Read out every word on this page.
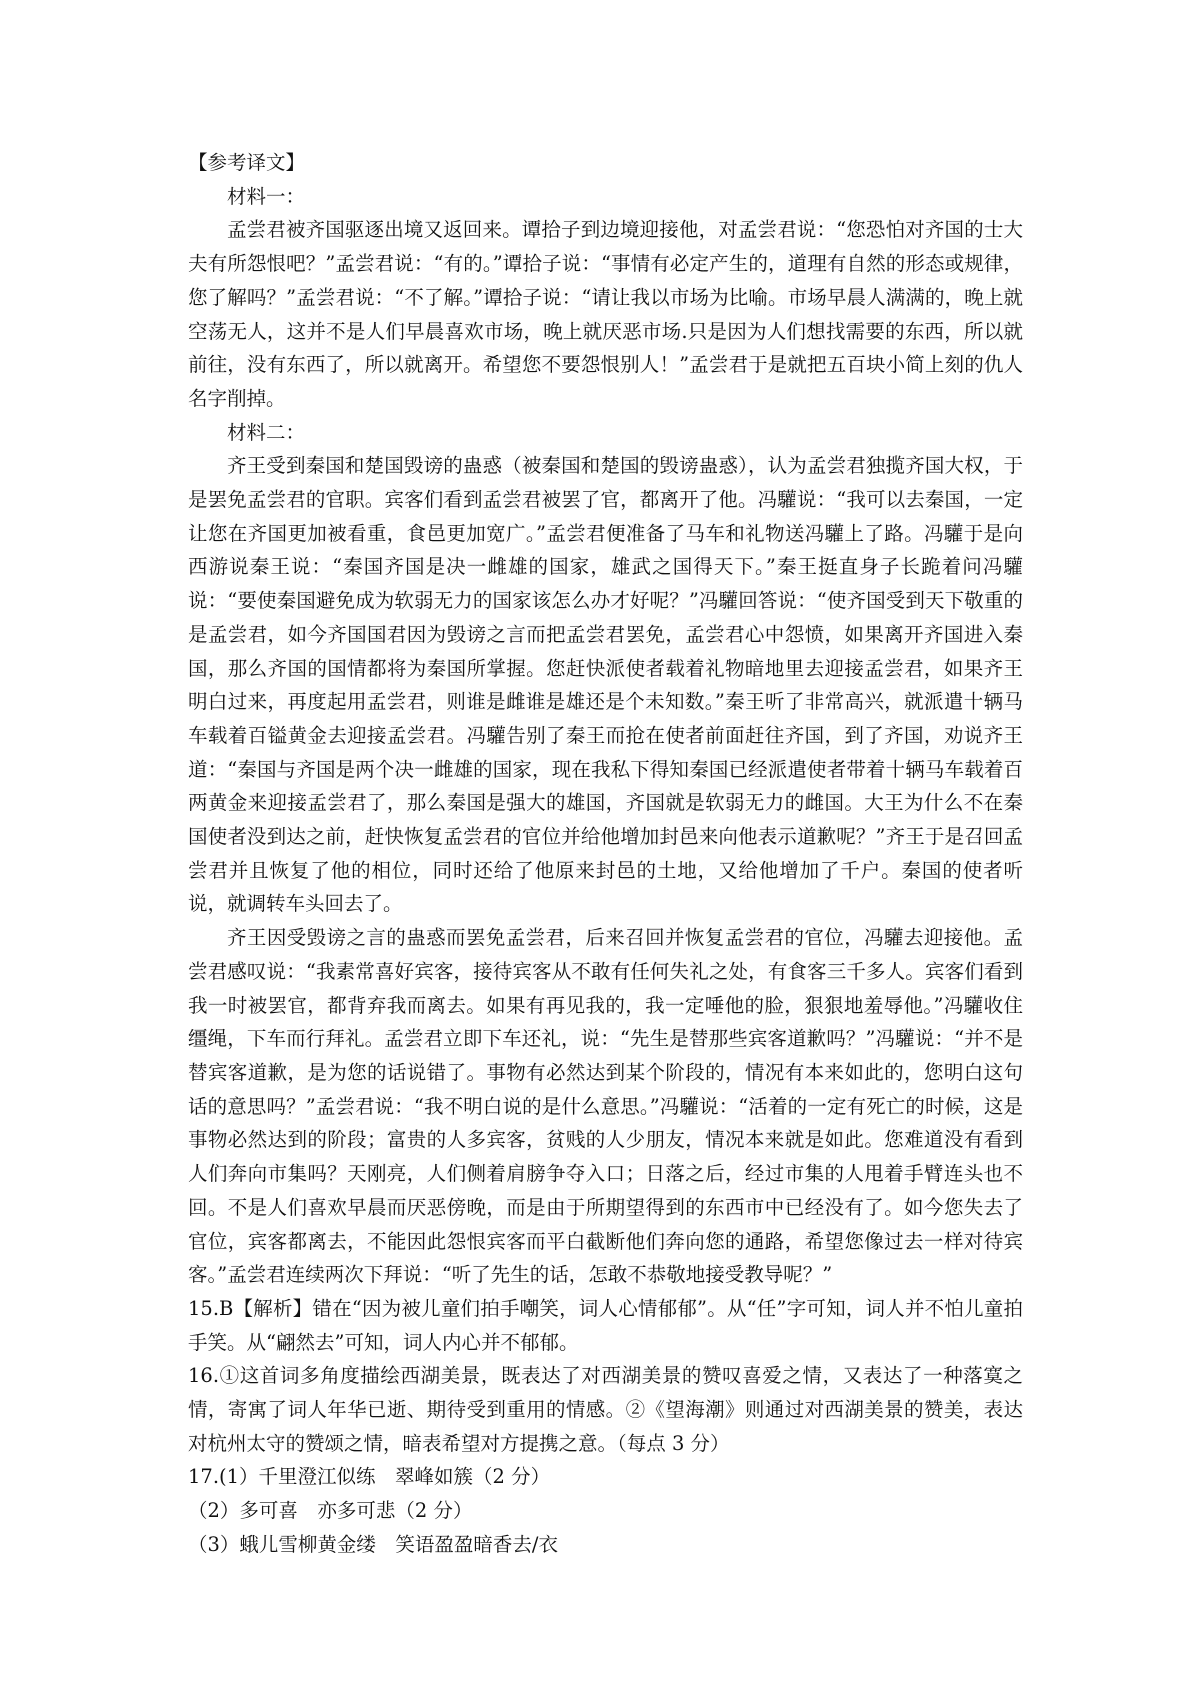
【参考译文】

材料一：

孟尝君被齐国驱逐出境又返回来。谭拾子到边境迎接他，对孟尝君说：“您恐怕对齐国的士大夫有所怨恨吧？”孟尝君说：“有的。”谭拾子说：“事情有必定产生的，道理有自然的形态或规律，您了解吗？”孟尝君说：“不了解。”谭拾子说：“请让我以市场为比喻。市场早晨人满满的，晚上就空荡无人，这并不是人们早晨喜欢市场，晚上就厌恶市场.只是因为人们想找需要的东西，所以就前往，没有东西了，所以就离开。希望您不要怨恨别人！”孟尝君于是就把五百块小简上刻的仇人名字削掉。

材料二：

齐王受到秦国和楚国毁谤的蛊惑（被秦国和楚国的毁谤蛊惑），认为孟尝君独揽齐国大权，于是罢免孟尝君的官职。宾客们看到孟尝君被罢了官，都离开了他。冯驩说：“我可以去秦国，一定让您在齐国更加被看重，食邑更加宽广。”孟尝君便准备了马车和礼物送冯驩上了路。冯驩于是向西游说秦王说：“秦国齐国是决一雌雄的国家，雄武之国得天下。”秦王挺直身子长跪着问冯驩说：“要使秦国避免成为软弱无力的国家该怎么办才好呢？”冯驩回答说：“使齐国受到天下敬重的是孟尝君，如今齐国国君因为毁谤之言而把孟尝君罢免，孟尝君心中怨愤，如果离开齐国进入秦国，那么齐国的国情都将为秦国所掌握。您赶快派使者载着礼物暗地里去迎接孟尝君，如果齐王明白过来，再度起用孟尝君，则谁是雌谁是雄还是个未知数。”秦王听了非常高兴，就派遣十辆马车载着百镒黄金去迎接孟尝君。冯驩告别了秦王而抢在使者前面赶往齐国，到了齐国，劝说齐王道：“秦国与齐国是两个决一雌雄的国家，现在我私下得知秦国已经派遣使者带着十辆马车载着百两黄金来迎接孟尝君了，那么秦国是强大的雄国，齐国就是软弱无力的雌国。大王为什么不在秦国使者没到达之前，赶快恢复孟尝君的官位并给他增加封邑来向他表示道歉呢？”齐王于是召回孟尝君并且恢复了他的相位，同时还给了他原来封邑的土地，又给他增加了千户。秦国的使者听说，就调转车头回去了。

齐王因受毁谤之言的蛊惑而罢免孟尝君，后来召回并恢复孟尝君的官位，冯驩去迎接他。孟尝君感叹说：“我素常喜好宾客，接待宾客从不敢有任何失礼之处，有食客三千多人。宾客们看到我一时被罢官，都背弃我而离去。如果有再见我的，我一定唾他的脸，狠狠地羞辱他。”冯驩收住缰绳，下车而行拜礼。孟尝君立即下车还礼，说：“先生是替那些宾客道歉吗？”冯驩说：“并不是替宾客道歉，是为您的话说错了。事物有必然达到某个阶段的，情况有本来如此的，您明白这句话的意思吗？”孟尝君说：“我不明白说的是什么意思。”冯驩说：“活着的一定有死亡的时候，这是事物必然达到的阶段；富贵的人多宾客，贫贱的人少朋友，情况本来就是如此。您难道没有看到人们奔向市集吗？天刚亮，人们侧着肩膀争夺入口；日落之后，经过市集的人甩着手臂连头也不回。不是人们喜欢早晨而厌恶傍晚，而是由于所期望得到的东西市中已经没有了。如今您失去了官位，宾客都离去，不能因此怨恨宾客而平白截断他们奔向您的通路，希望您像过去一样对待宾客。”孟尝君连续两次下拜说：“听了先生的话，怎敢不恭敬地接受教导呢？”

15.B【解析】错在“因为被儿童们拍手嘲笑，词人心情郁郁”。从“任”字可知，词人并不怕儿童拍手笑。从“翩然去”可知，词人内心并不郁郁。

16.①这首词多角度描绘西湖美景，既表达了对西湖美景的赞叹喜爱之情，又表达了一种落寞之情，寄寓了词人年华已逝、期待受到重用的情感。②《望海潮》则通过对西湖美景的赞美，表达对杭州太守的赞颂之情，暗表希望对方提携之意。（每点 3 分）

17.(1）千里澄江似练　翠峰如簇（2 分）

（2）多可喜　亦多可悲（2 分）

（3）蛾儿雪柳黄金缕　笑语盈盈暗香去/衣
